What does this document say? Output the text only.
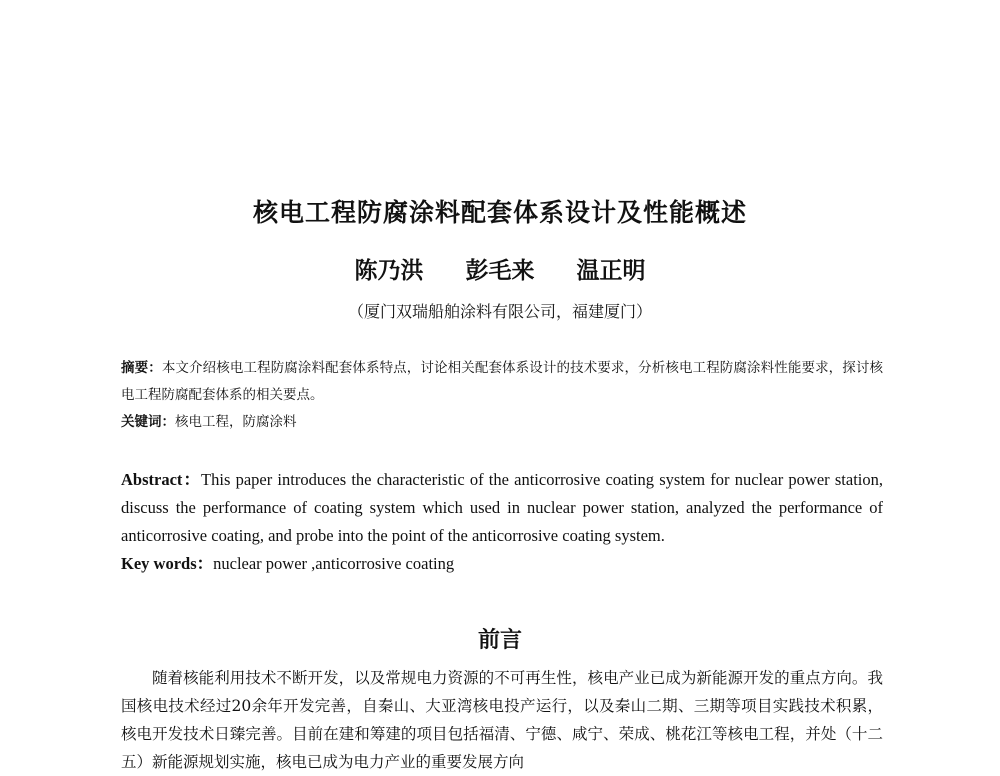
核电工程防腐涂料配套体系设计及性能概述
陈乃洪 彭毛来 温正明
（厦门双瑞船舶涂料有限公司，福建厦门）
摘要：本文介绍核电工程防腐涂料配套体系特点，讨论相关配套体系设计的技术要求，分析核电工程防腐涂料性能要求，探讨核电工程防腐配套体系的相关要点。
关键词：核电工程，防腐涂料
Abstract：This paper introduces the characteristic of the anticorrosive coating system for nuclear power station, discuss the performance of coating system which used in nuclear power station, analyzed the performance of anticorrosive coating, and probe into the point of the anticorrosive coating system.
Key words：nuclear power ,anticorrosive coating
前言
随着核能利用技术不断开发，以及常规电力资源的不可再生性，核电产业已成为新能源开发的重点方向。我国核电技术经过20余年开发完善，自秦山、大亚湾核电投产运行，以及秦山二期、三期等项目实践技术积累，核电开发技术日臻完善。目前在建和筹建的项目包括福清、宁德、咸宁、荣成、桃花江等核电工程，并处（十二五）新能源规划实施，核电已成为电力产业的重要发展方向
